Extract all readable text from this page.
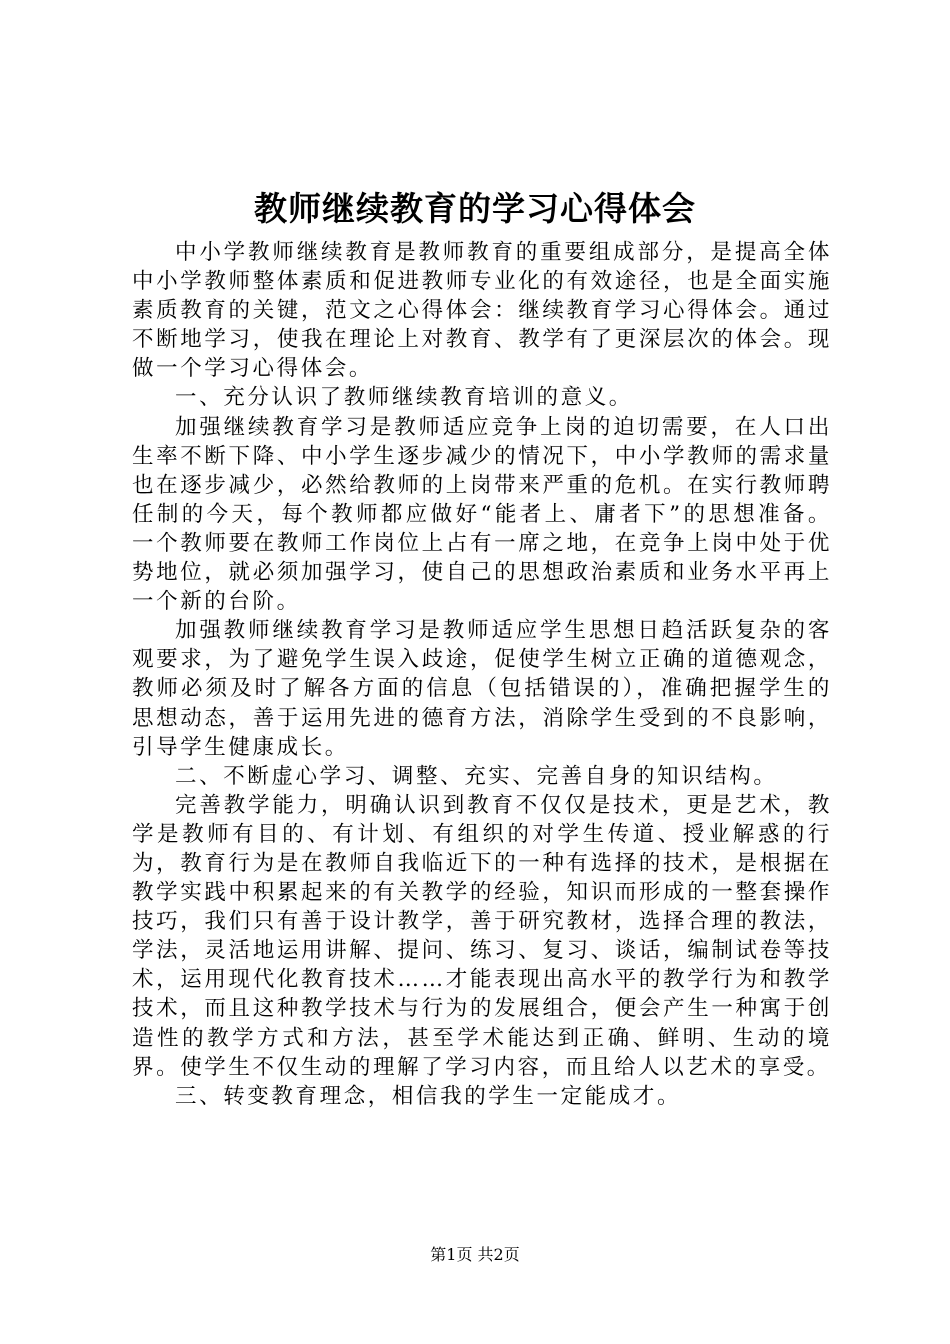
教师继续教育的学习心得体会

中小学教师继续教育是教师教育的重要组成部分，是提高全体中小学教师整体素质和促进教师专业化的有效途径，也是全面实施素质教育的关键，范文之心得体会：继续教育学习心得体会。通过不断地学习，使我在理论上对教育、教学有了更深层次的体会。现做一个学习心得体会。

一、充分认识了教师继续教育培训的意义。

加强继续教育学习是教师适应竞争上岗的迫切需要，在人口出生率不断下降、中小学生逐步减少的情况下，中小学教师的需求量也在逐步减少，必然给教师的上岗带来严重的危机。在实行教师聘任制的今天，每个教师都应做好“能者上、庸者下”的思想准备。一个教师要在教师工作岗位上占有一席之地，在竞争上岗中处于优势地位，就必须加强学习，使自己的思想政治素质和业务水平再上一个新的台阶。

加强教师继续教育学习是教师适应学生思想日趋活跃复杂的客观要求，为了避免学生误入歧途，促使学生树立正确的道德观念，教师必须及时了解各方面的信息（包括错误的），准确把握学生的思想动态，善于运用先进的德育方法，消除学生受到的不良影响，引导学生健康成长。

二、不断虚心学习、调整、充实、完善自身的知识结构。

完善教学能力，明确认识到教育不仅仅是技术，更是艺术，教学是教师有目的、有计划、有组织的对学生传道、授业解惑的行为，教育行为是在教师自我临近下的一种有选择的技术，是根据在教学实践中积累起来的有关教学的经验，知识而形成的一整套操作技巧，我们只有善于设计教学，善于研究教材，选择合理的教法，学法，灵活地运用讲解、提问、练习、复习、谈话，编制试卷等技术，运用现代化教育技术……才能表现出高水平的教学行为和教学技术，而且这种教学技术与行为的发展组合，便会产生一种寓于创造性的教学方式和方法，甚至学术能达到正确、鲜明、生动的境界。使学生不仅生动的理解了学习内容，而且给人以艺术的享受。

三、转变教育理念，相信我的学生一定能成才。

第1页 共2页
